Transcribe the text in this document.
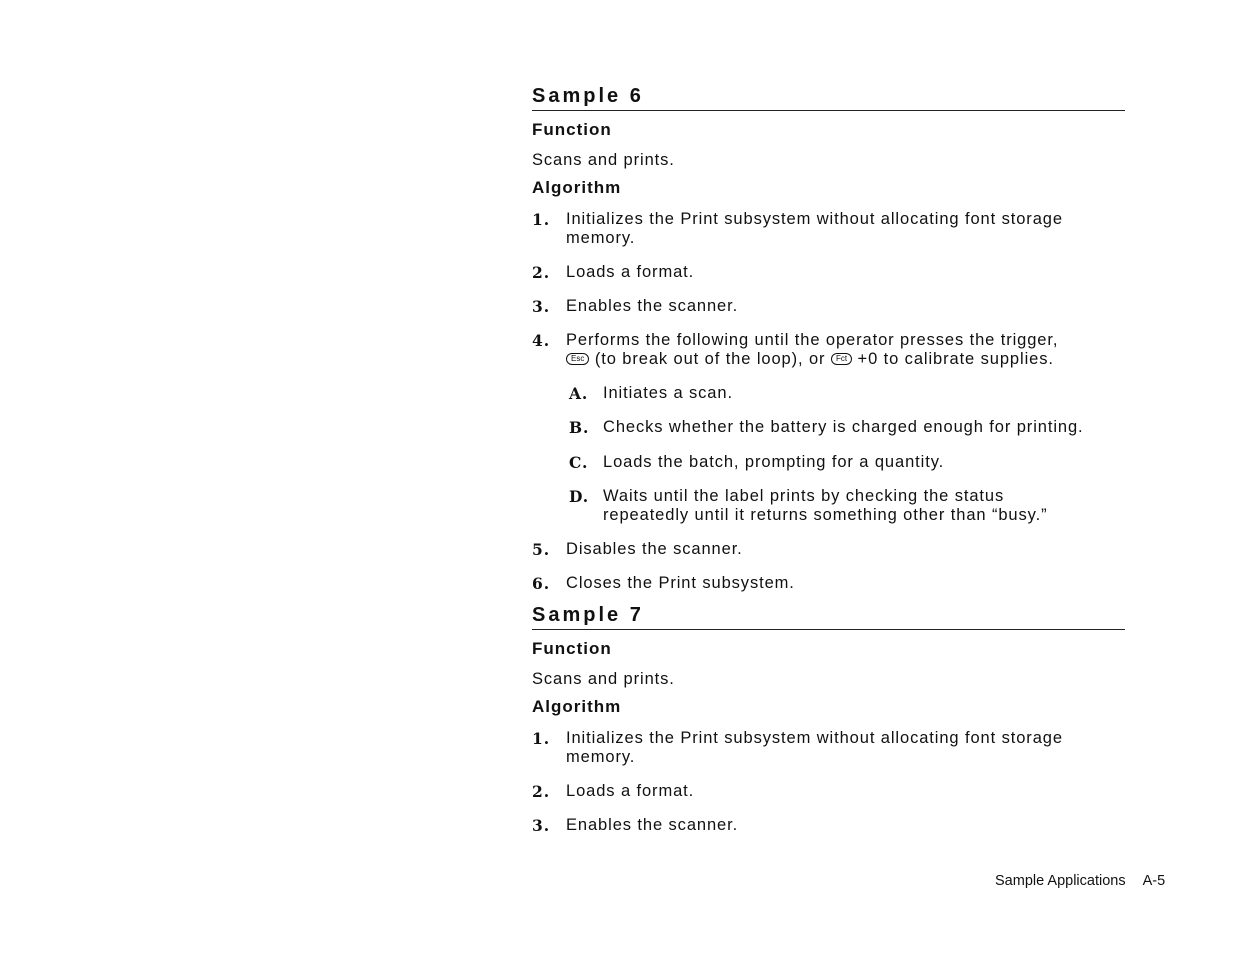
Sample 6
Function

Scans and prints.

Algorithm
1. Initializes the Print subsystem without allocating font storage memory.
2. Loads a format.
3. Enables the scanner.
4. Performs the following until the operator presses the trigger,
Esc (to break out of the loop), or Fct +0 to calibrate supplies.
A. Initiates a scan.
B. Checks whether the battery is charged enough for printing.
C. Loads the batch, prompting for a quantity.
D. Waits until the label prints by checking the status repeatedly until it returns something other than “busy.”
5. Disables the scanner.
6. Closes the Print subsystem.
Sample 7
Function

Scans and prints.

Algorithm
1. Initializes the Print subsystem without allocating font storage memory.
2. Loads a format.
3. Enables the scanner.
Sample Applications A-5
